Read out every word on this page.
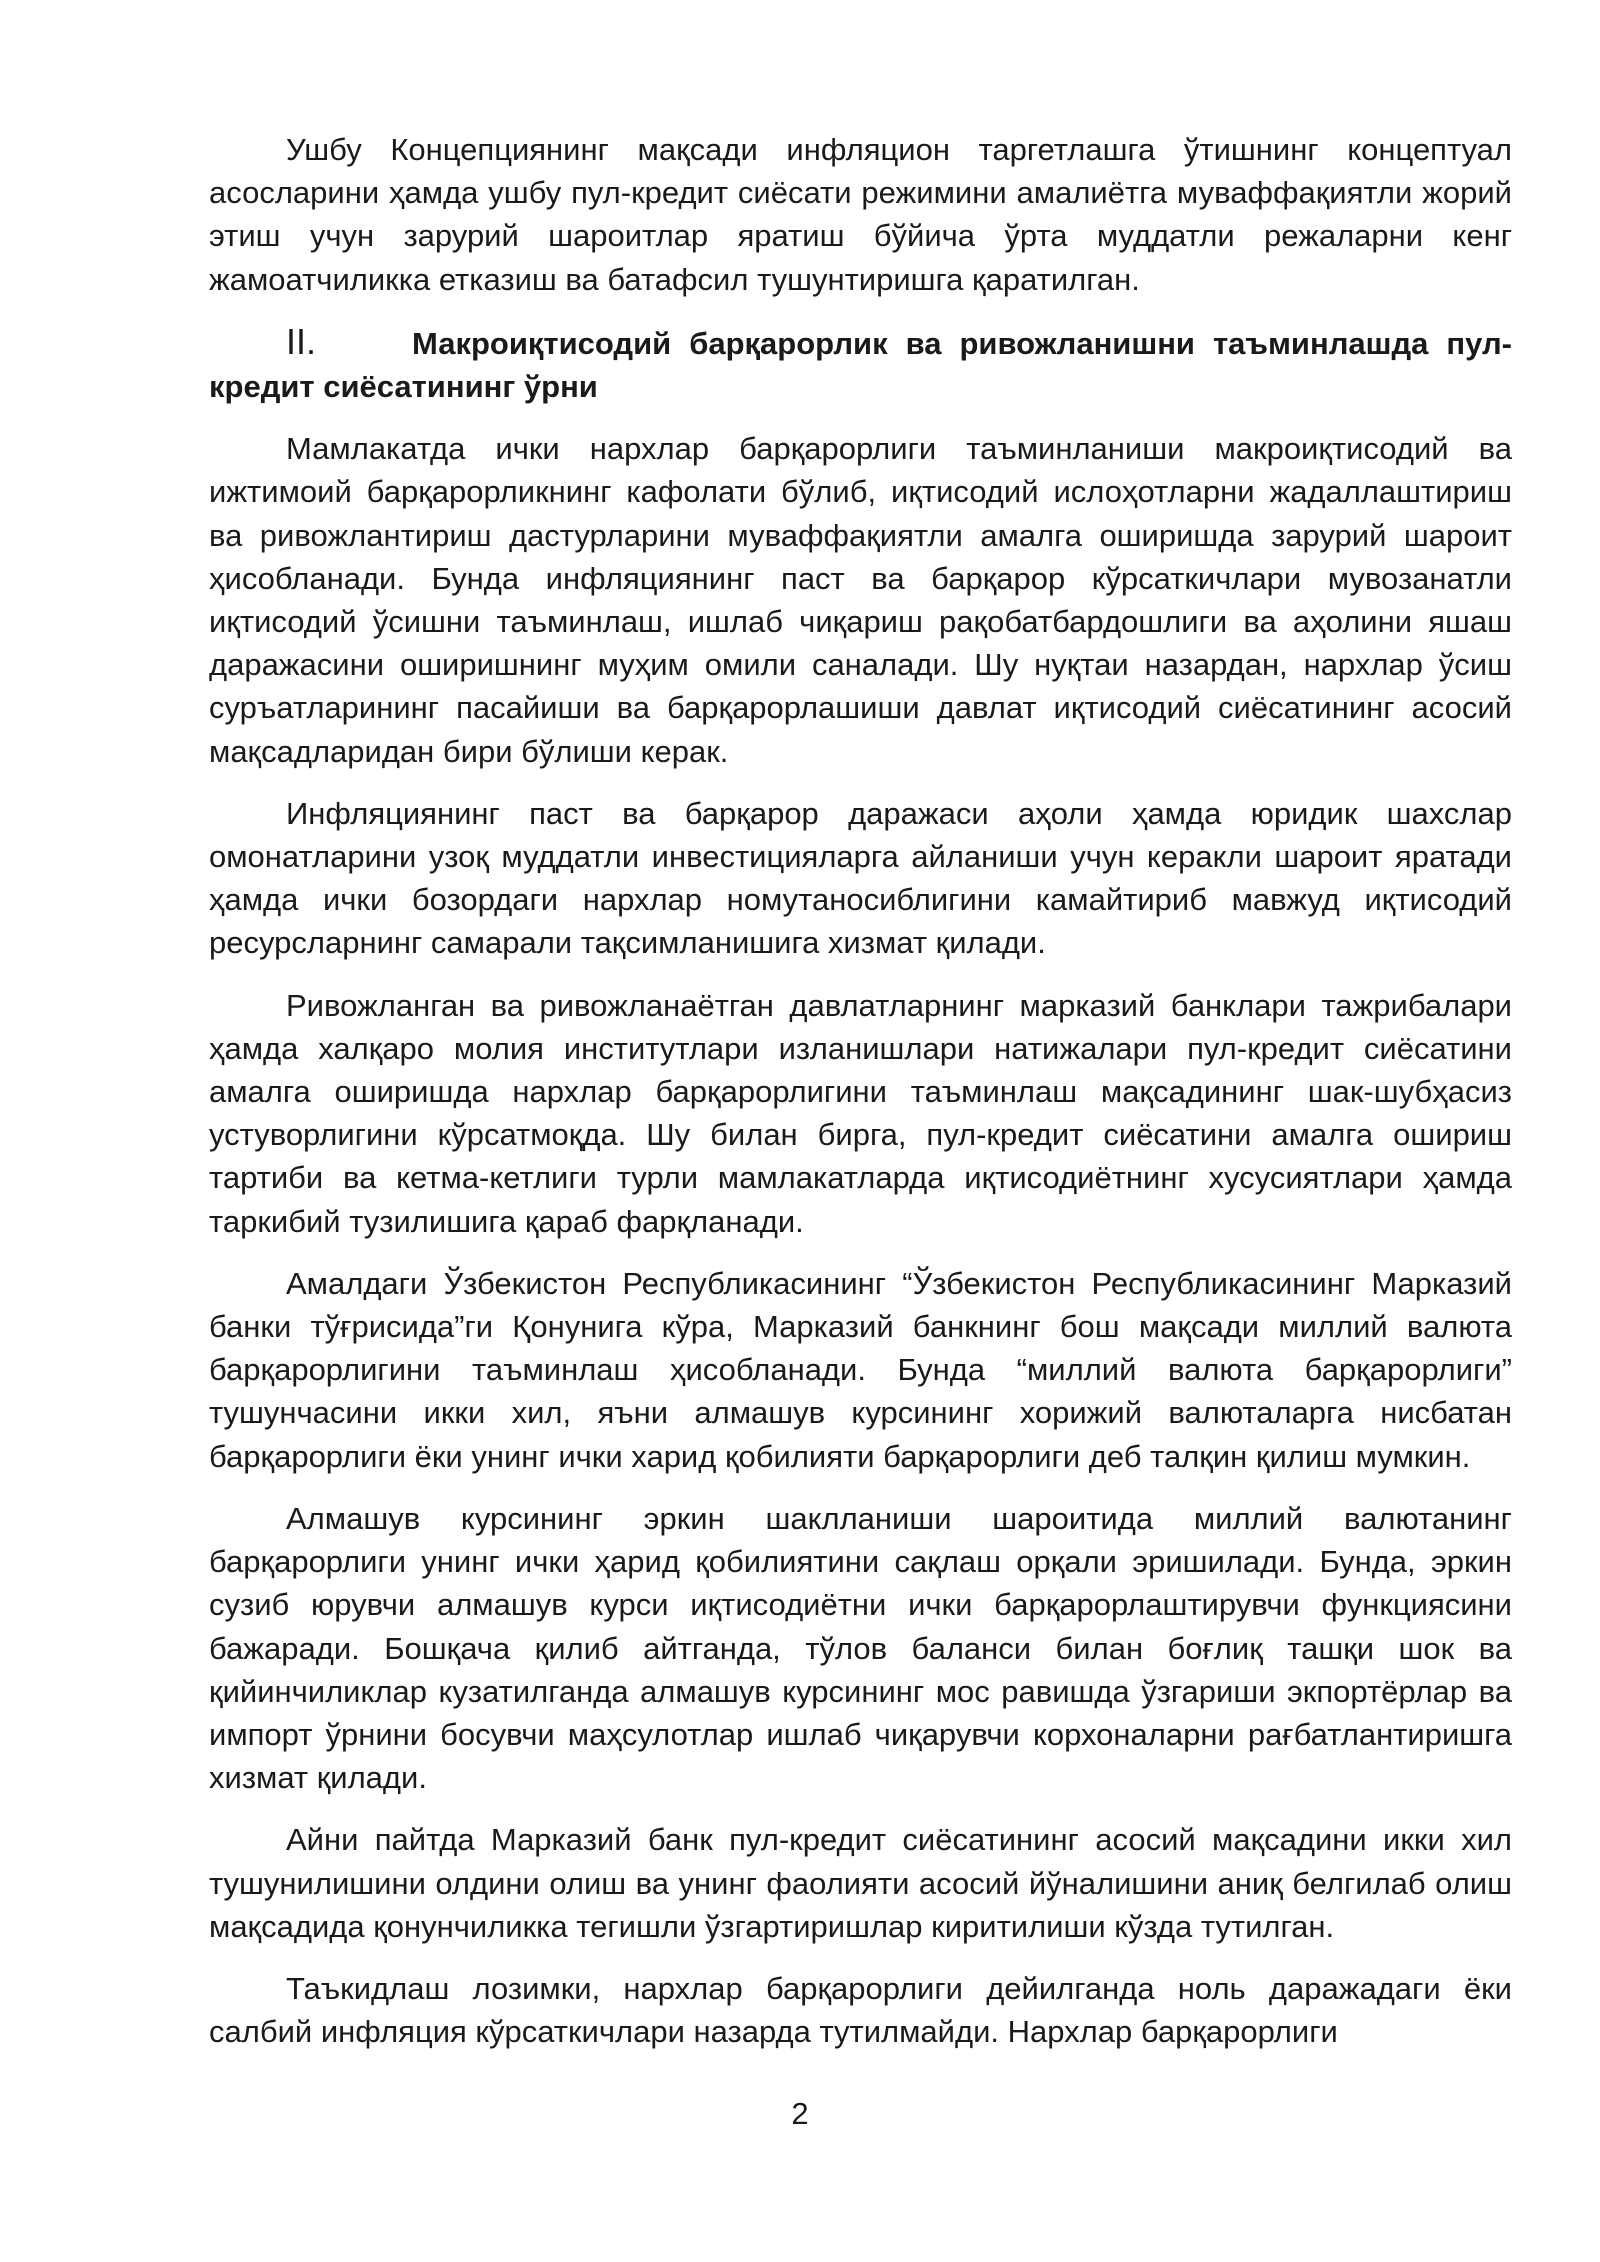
Ушбу Концепциянинг мақсади инфляцион таргетлашга ўтишнинг концептуал асосларини ҳамда ушбу пул-кредит сиёсати режимини амалиётга муваффақиятли жорий этиш учун зарурий шароитлар яратиш бўйича ўрта муддатли режаларни кенг жамоатчиликка етказиш ва батафсил тушунтиришга қаратилган.

II.	Макроиқтисодий барқарорлик ва ривожланишни таъминлашда пул-кредит сиёсатининг ўрни

Мамлакатда ички нархлар барқарорлиги таъминланиши макроиқтисодий ва ижтимоий барқарорликнинг кафолати бўлиб, иқтисодий ислоҳотларни жадаллаштириш ва ривожлантириш дастурларини муваффақиятли амалга оширишда зарурий шароит ҳисобланади. Бунда инфляциянинг паст ва барқарор кўрсаткичлари мувозанатли иқтисодий ўсишни таъминлаш, ишлаб чиқариш рақобатбардошлиги ва аҳолини яшаш даражасини оширишнинг муҳим омили саналади. Шу нуқтаи назардан, нархлар ўсиш суръатларининг пасайиши ва барқарорлашиши давлат иқтисодий сиёсатининг асосий мақсадларидан бири бўлиши керак.

Инфляциянинг паст ва барқарор даражаси аҳоли ҳамда юридик шахслар омонатларини узоқ муддатли инвестицияларга айланиши учун керакли шароит яратади ҳамда ички бозордаги нархлар номутаносиблигини камайтириб мавжуд иқтисодий ресурсларнинг самарали тақсимланишига хизмат қилади.

Ривожланган ва ривожланаётган давлатларнинг марказий банклари тажрибалари ҳамда халқаро молия институтлари изланишлари натижалари пул-кредит сиёсатини амалга оширишда нархлар барқарорлигини таъминлаш мақсадининг шак-шубҳасиз устуворлигини кўрсатмоқда. Шу билан бирга, пул-кредит сиёсатини амалга ошириш тартиби ва кетма-кетлиги турли мамлакатларда иқтисодиётнинг хусусиятлари ҳамда таркибий тузилишига қараб фарқланади.

Амалдаги Ўзбекистон Республикасининг “Ўзбекистон Республикасининг Марказий банки тўғрисида”ги Қонунига кўра, Марказий банкнинг бош мақсади миллий валюта барқарорлигини таъминлаш ҳисобланади. Бунда “миллий валюта барқарорлиги” тушунчасини икки хил, яъни алмашув курсининг хорижий валюталарга нисбатан барқарорлиги ёки унинг ички харид қобилияти барқарорлиги деб талқин қилиш мумкин.

Алмашув курсининг эркин шаклланиши шароитида миллий валютанинг барқарорлиги унинг ички ҳарид қобилиятини сақлаш орқали эришилади. Бунда, эркин сузиб юрувчи алмашув курси иқтисодиётни ички барқарорлаштирувчи функциясини бажаради. Бошқача қилиб айтганда, тўлов баланси билан боғлиқ ташқи шок ва қийинчиликлар кузатилганда алмашув курсининг мос равишда ўзгариши экпортёрлар ва импорт ўрнини босувчи маҳсулотлар ишлаб чиқарувчи корхоналарни рағбатлантиришга хизмат қилади.

Айни пайтда Марказий банк пул-кредит сиёсатининг асосий мақсадини икки хил тушунилишини олдини олиш ва унинг фаолияти асосий йўналишини аниқ белгилаб олиш мақсадида қонунчиликка тегишли ўзгартиришлар киритилиши кўзда тутилган.

Таъкидлаш лозимки, нархлар барқарорлиги дейилганда ноль даражадаги ёки салбий инфляция кўрсаткичлари назарда тутилмайди. Нархлар барқарорлиги

2
